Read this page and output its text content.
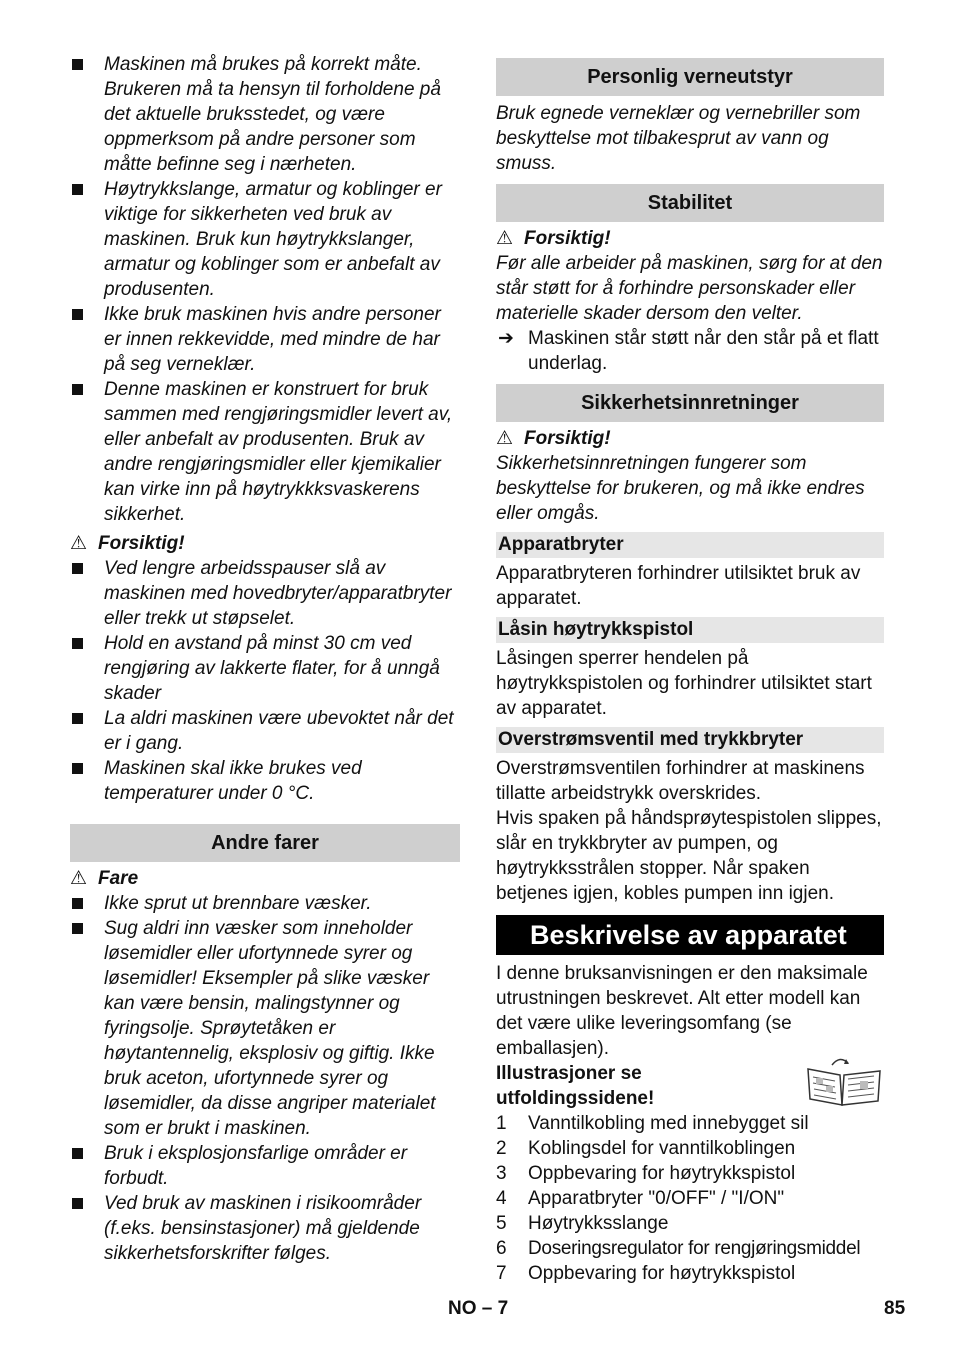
Maskinen må brukes på korrekt måte. Brukeren må ta hensyn til forholdene på det aktuelle bruksstedet, og være oppmerksom på andre personer som måtte befinne seg i nærheten.
Høytrykkslange, armatur og koblinger er viktige for sikkerheten ved bruk av maskinen. Bruk kun høytrykkslanger, armatur og koblinger som er anbefalt av produsenten.
Ikke bruk maskinen hvis andre personer er innen rekkevidde, med mindre de har på seg verneklær.
Denne maskinen er konstruert for bruk sammen med rengjøringsmidler levert av, eller anbefalt av produsenten. Bruk av andre rengjøringsmidler eller kjemikalier kan virke inn på høytrykkksvaskerens sikkerhet.
⚠ Forsiktig!
Ved lengre arbeidsspauser slå av maskinen med hovedbryter/apparatbryter eller trekk ut støpselet.
Hold en avstand på minst 30 cm ved rengjøring av lakkerte flater, for å unngå skader
La aldri maskinen være ubevoktet når det er i gang.
Maskinen skal ikke brukes ved temperaturer under 0 °C.
Andre farer
⚠ Fare
Ikke sprut ut brennbare væsker.
Sug aldri inn væsker som inneholder løsemidler eller ufortynnede syrer og løsemidler! Eksempler på slike væsker kan være bensin, malingstynner og fyringsolje. Sprøytetåken er høytantennelig, eksplosiv og giftig. Ikke bruk aceton, ufortynnede syrer og løsemidler, da disse angriper materialet som er brukt i maskinen.
Bruk i eksplosjonsfarlige områder er forbudt.
Ved bruk av maskinen i risikoområder (f.eks. bensinstasjoner) må gjeldende sikkerhetsforskrifter følges.
Personlig verneutstyr

Bruk egnede verneklær og vernebriller som beskyttelse mot tilbakesprut av vann og smuss.

Stabilitet
⚠ Forsiktig!

Før alle arbeider på maskinen, sørg for at den står støtt for å forhindre personskader eller materielle skader dersom den velter.

➔ Maskinen står støtt når den står på et flatt underlag.
Sikkerhetsinnretninger
⚠ Forsiktig!

Sikkerhetsinnretningen fungerer som beskyttelse for brukeren, og må ikke endres eller omgås.

Apparatbryter

Apparatbryteren forhindrer utilsiktet bruk av apparatet.

Låsin høytrykkspistol

Låsingen sperrer hendelen på høytrykkspistolen og forhindrer utilsiktet start av apparatet.

Overstrømsventil med trykkbryter

Overstrømsventilen forhindrer at maskinens tillatte arbeidstrykk overskrides.

Hvis spaken på håndsprøytespistolen slippes, slår en trykkbryter av pumpen, og høytrykksstrålen stopper. Når spaken betjenes igjen, kobles pumpen inn igjen.

Beskrivelse av apparatet

I denne bruksanvisningen er den maksimale utrustningen beskrevet. Alt etter modell kan det være ulike leveringsomfang (se emballasjen).

Illustrasjoner se utfoldingssidene!

1 Vanntilkobling med innebygget sil
2 Koblingsdel for vanntilkoblingen
3 Oppbevaring for høytrykkspistol
4 Apparatbryter "0/OFF" / "I/ON"
5 Høytrykksslange
6 Doseringsregulator for rengjøringsmiddel
7 Oppbevaring for høytrykkspistol
NO – 7	85
